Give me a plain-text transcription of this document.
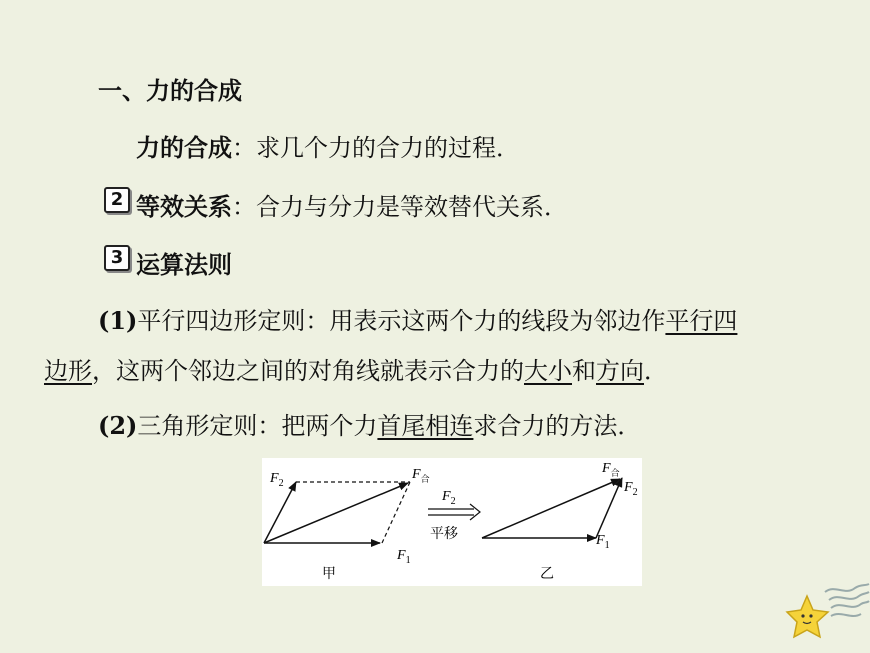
一、力的合成
力的合成：求几个力的合力的过程．
2 等效关系：合力与分力是等效替代关系．
3 运算法则
(1)平行四边形定则：用表示这两个力的线段为邻边作平行四
边形，这两个邻边之间的对角线就表示合力的大小和方向．
(2)三角形定则：把两个力首尾相连求合力的方法．
$F_2$
$F_合$
$F_1$
甲
$F_2$
平移
$F_合$
$F_2$
$F_1$
乙
